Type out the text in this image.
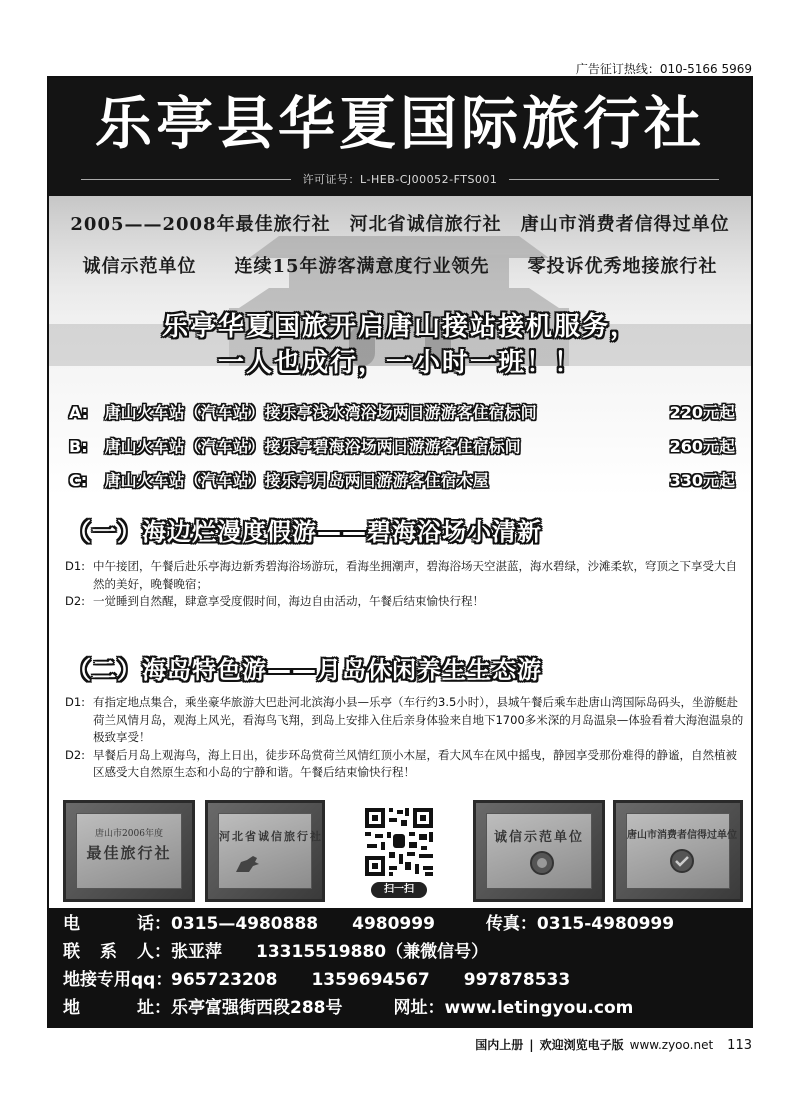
广告征订热线：010-5166 5969
乐亭县华夏国际旅行社
许可证号：L-HEB-CJ00052-FTS001
2005——2008年最佳旅行社　河北省诚信旅行社　唐山市消费者信得过单位
诚信示范单位　　连续15年游客满意度行业领先　　零投诉优秀地接旅行社
乐亭华夏国旅开启唐山接站接机服务，
一人也成行，一小时一班！！
A: 唐山火车站（汽车站）接乐亭浅水湾浴场两日游游客住宿标间	220元起
B: 唐山火车站（汽车站）接乐亭碧海浴场两日游游客住宿标间	260元起
C: 唐山火车站（汽车站）接乐亭月岛两日游游客住宿木屋	330元起
（一）海边烂漫度假游——碧海浴场小清新
D1: 中午接团，午餐后赴乐亭海边新秀碧海浴场游玩，看海坐拥潮声，碧海浴场天空湛蓝，海水碧绿，沙滩柔软，穹顶之下享受大自然的美好，晚餐晚宿；
D2: 一觉睡到自然醒，肆意享受度假时间，海边自由活动，午餐后结束愉快行程！
（二）海岛特色游——月岛休闲养生生态游
D1: 有指定地点集合，乘坐豪华旅游大巴赴河北滨海小县—乐亭（车行约3.5小时），县城午餐后乘车赴唐山湾国际岛码头，坐游艇赴荷兰风情月岛，观海上风光，看海鸟飞翔，到岛上安排入住后亲身体验来自地下1700多米深的月岛温泉—体验看着大海泡温泉的极致享受！
D2: 早餐后月岛上观海鸟，海上日出，徒步环岛赏荷兰风情红顶小木屋，看大风车在风中摇曳，静园享受那份难得的静谧，自然植被区感受大自然原生态和小岛的宁静和谐。午餐后结束愉快行程！
唐山市2006年度
最佳旅行社
河北省诚信旅行社
扫一扫
诚信示范单位	唐山市消费者信得过单位
电	话： 0315—4980888　　4980999　　　传真：0315-4980999
联 系 人： 张亚萍　　13315519880（兼微信号）
地接专用qq：
965723208　　1359694567　　997878533
地	址： 乐亭富强街西段288号　　　网址：www.letingyou.com
国内上册 | 欢迎浏览电子版 www.zyoo.net 113
